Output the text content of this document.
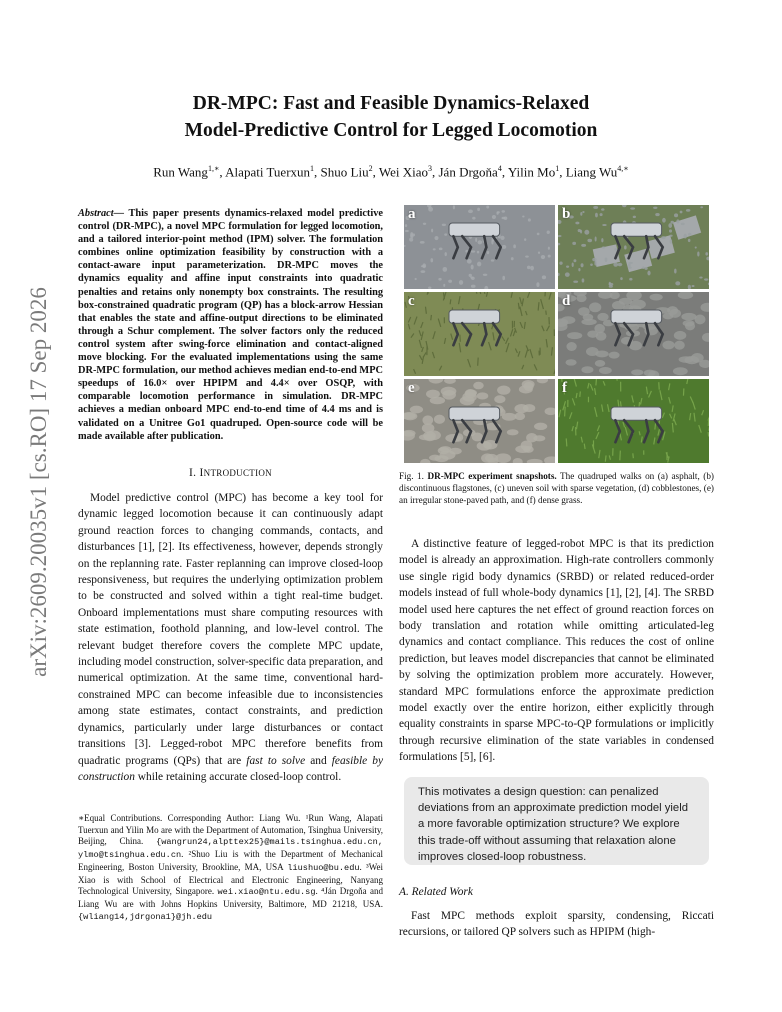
DR-MPC: Fast and Feasible Dynamics-Relaxed
Model-Predictive Control for Legged Locomotion
Run Wang$^{1,∗}$, Alapati Tuerxun$^1$, Shuo Liu$^2$, Wei Xiao$^3$, Ján Drgoňa$^4$, Yilin Mo$^1$, Liang $Wu^{4,∗}$
arXiv:2609.20035v1 [cs.RO] 17 Sep 2026
Abstract— This paper presents dynamics-relaxed model predictive control (DR-MPC), a novel MPC formulation for legged locomotion, and a tailored interior-point method (IPM) solver. The formulation combines online optimization feasibility by construction with a contact-aware input parameterization. DR-MPC moves the dynamics equality and affine input constraints into quadratic penalties and retains only nonempty box constraints. The resulting box-constrained quadratic program (QP) has a block-arrow Hessian that enables the state and affine-output directions to be eliminated through a Schur complement. The solver factors only the reduced control system after swing-force elimination and contact-aligned move blocking. For the evaluated implementations using the same DR-MPC formulation, our method achieves median end-to-end MPC speedups of 16.0× over HPIPM and 4.4× over OSQP, with comparable locomotion performance in simulation. DR-MPC achieves a median onboard MPC end-to-end time of 4.4 ms and is validated on a Unitree Go1 quadruped. Open-source code will be made available after publication.
I. INTRODUCTION

Model predictive control (MPC) has become a key tool for dynamic legged locomotion because it can continuously adapt ground reaction forces to changing commands, contacts, and disturbances [1], [2]. Its effectiveness, however, depends strongly on the replanning rate. Faster replanning can improve closed-loop responsiveness, but requires the underlying optimization problem to be constructed and solved within a tight real-time budget. Onboard implementations must share computing resources with state estimation, foothold planning, and low-level control. The relevant budget therefore covers the complete MPC update, including model construction, solver-specific data preparation, and numerical optimization. At the same time, conventional hard-constrained MPC can become infeasible due to inconsistencies among state estimates, contact constraints, and prediction dynamics, particularly under large disturbances or contact transitions [3]. Legged-robot MPC therefore benefits from quadratic programs (QPs) that are fast to solve and feasible by construction while retaining accurate closed-loop control.

∗Equal Contributions. Corresponding Author: Liang Wu. ¹Run Wang, Alapati Tuerxun and Yilin Mo are with the Department of Automation, Tsinghua University, Beijing, China. {wangrun24,alpttex25}@mails.tsinghua.edu.cn, ylmo@tsinghua.edu.cn. ²Shuo Liu is with the Department of Mechanical Engineering, Boston University, Brookline, MA, USA liushuo@bu.edu. ³Wei Xiao is with School of Electrical and Electronic Engineering, Nanyang Technological University, Singapore. wei.xiao@ntu.edu.sg. ⁴Ján Drgoňa and Liang Wu are with Johns Hopkins University, Baltimore, MD 21218, USA. {wliang14,jdrgona1}@jh.edu
a	b
c	d
e	f
Fig. 1. DR-MPC experiment snapshots. The quadruped walks on (a) asphalt, (b) discontinuous flagstones, (c) uneven soil with sparse vegetation, (d) cobblestones, (e) an irregular stone-paved path, and (f) dense grass.

A distinctive feature of legged-robot MPC is that its prediction model is already an approximation. High-rate controllers commonly use single rigid body dynamics (SRBD) or related reduced-order models instead of full whole-body dynamics [1], [2], [4]. The SRBD model used here captures the net effect of ground reaction forces on body translation and rotation while omitting articulated-leg dynamics and contact compliance. This reduces the cost of online prediction, but leaves model discrepancies that cannot be eliminated by solving the optimization problem more accurately. However, standard MPC formulations enforce the approximate prediction model exactly over the entire horizon, either explicitly through equality constraints in sparse MPC-to-QP formulations or implicitly through recursive elimination of the state variables in condensed formulations [5], [6].

This motivates a design question: can penalized deviations from an approximate prediction model yield a more favorable optimization structure? We explore this trade-off without assuming that relaxation alone improves closed-loop robustness.

A. Related Work

Fast MPC methods exploit sparsity, condensing, Riccati recursions, or tailored QP solvers such as HPIPM (high-
